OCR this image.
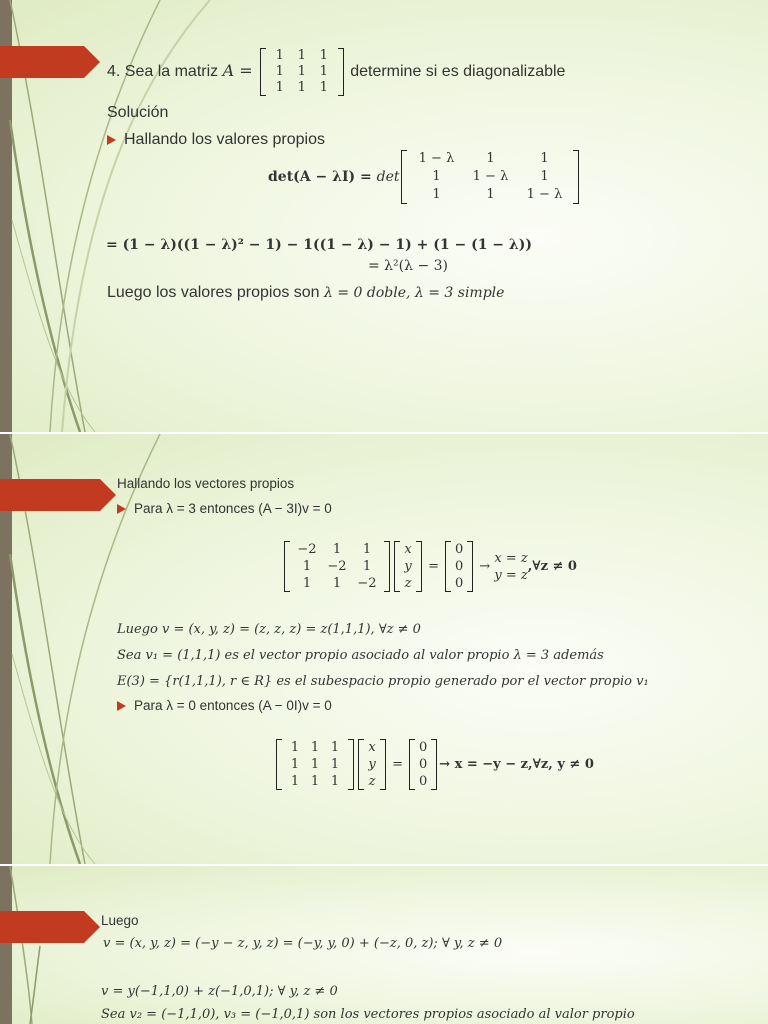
4. Sea la matriz A =
1	1	1
1	1	1
1	1	1
determine si es diagonalizable
Solución
Hallando los valores propios
det(A − λI) = det
1 − λ	1	1
1	1 − λ	1
1	1	1 − λ
= (1 − λ)((1 − λ)² − 1) − 1((1 − λ) − 1) + (1 − (1 − λ))
= λ²(λ − 3)
Luego los valores propios son λ = 0 doble, λ = 3 simple
Hallando los vectores propios
Para λ = 3 entonces (A − 3I)v = 0
−2	1	1
1	−2	1
1	1	−2
x
y
z
=
0
0
0
→
x = z
y = z
,∀z ≠ 0
Luego v = (x, y, z) = (z, z, z) = z(1,1,1), ∀z ≠ 0
Sea v₁ = (1,1,1) es el vector propio asociado al valor propio λ = 3 además
E(3) = {r(1,1,1), r ∈ R} es el subespacio propio generado por el vector propio v₁
Para λ = 0 entonces (A − 0I)v = 0
1 1 1
1 1 1
1 1 1
x
y
z
=
0
0
0
→ x = −y − z,∀z, y ≠ 0
Luego
v = (x, y, z) = (−y − z, y, z) = (−y, y, 0) + (−z, 0, z); ∀ y, z ≠ 0
v = y(−1,1,0) + z(−1,0,1); ∀ y, z ≠ 0
Sea v₂ = (−1,1,0), v₃ = (−1,0,1) son los vectores propios asociado al valor propio
